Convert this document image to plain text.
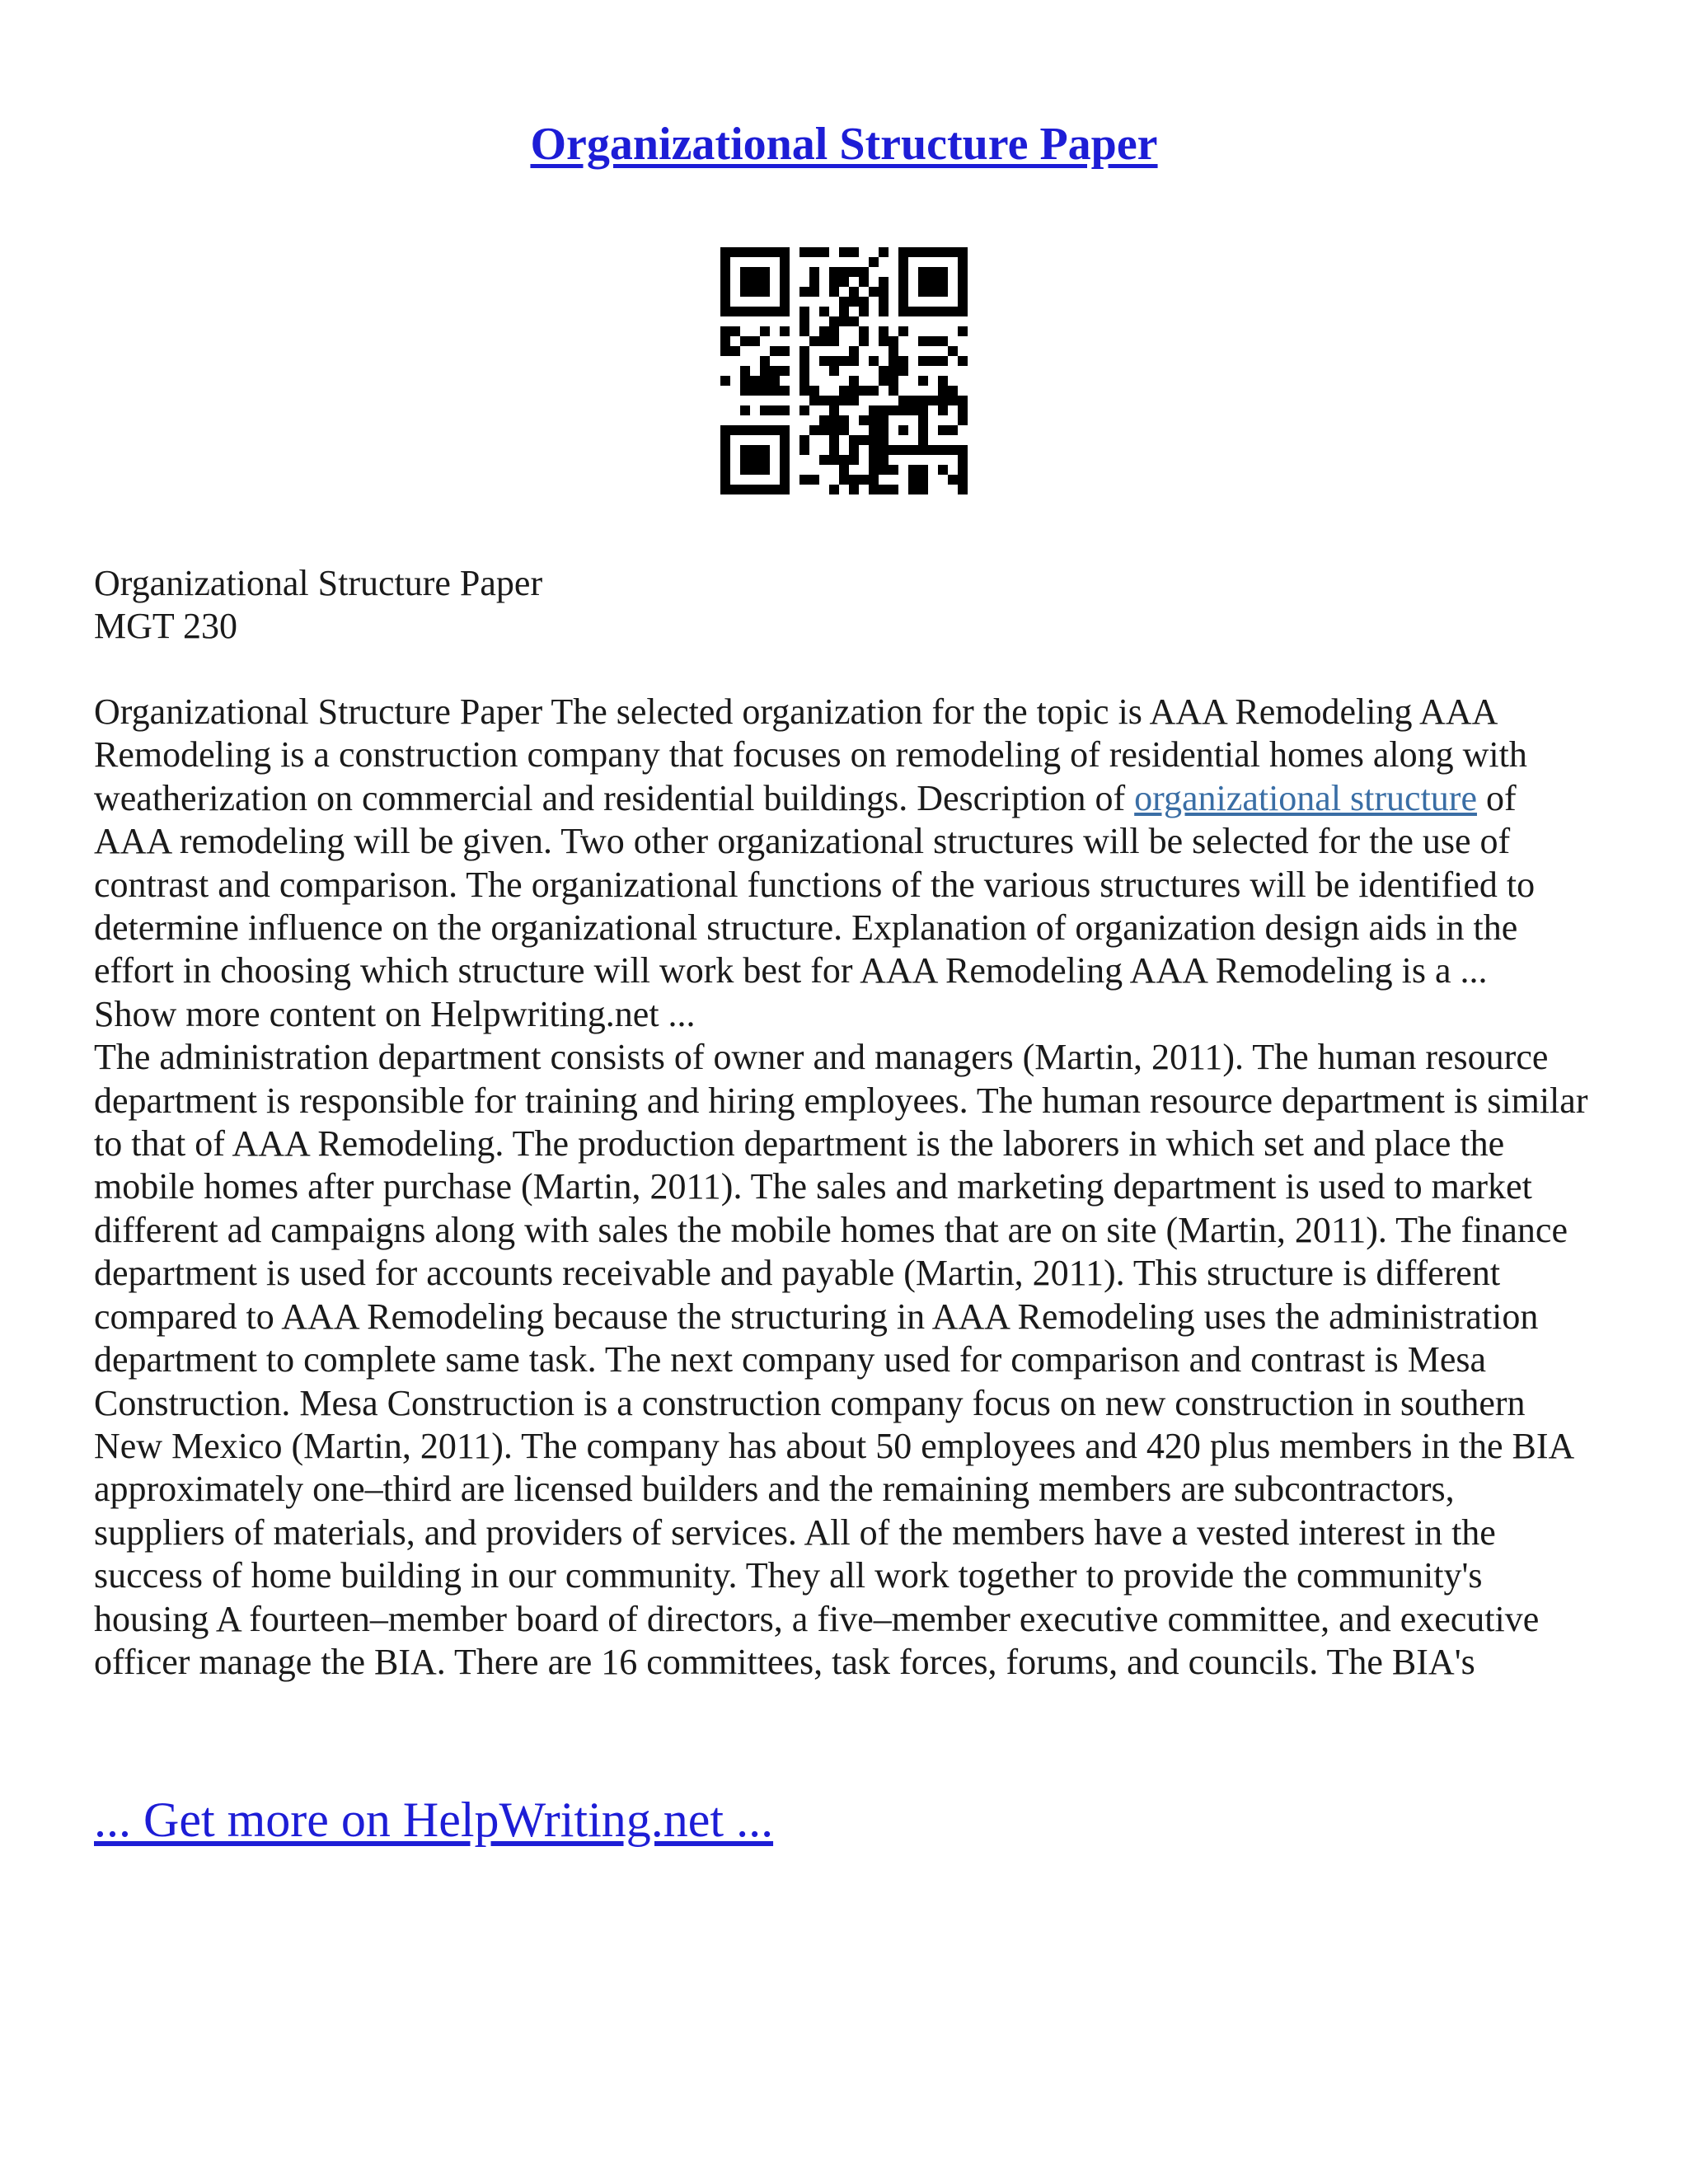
Organizational Structure Paper
Organizational Structure Paper
MGT 230

Organizational Structure Paper The selected organization for the topic is AAA Remodeling AAA Remodeling is a construction company that focuses on remodeling of residential homes along with weatherization on commercial and residential buildings. Description of organizational structure of AAA remodeling will be given. Two other organizational structures will be selected for the use of contrast and comparison. The organizational functions of the various structures will be identified to determine influence on the organizational structure. Explanation of organization design aids in the effort in choosing which structure will work best for AAA Remodeling AAA Remodeling is a ...

Show more content on Helpwriting.net ...

The administration department consists of owner and managers (Martin, 2011). The human resource department is responsible for training and hiring employees. The human resource department is similar to that of AAA Remodeling. The production department is the laborers in which set and place the mobile homes after purchase (Martin, 2011). The sales and marketing department is used to market different ad campaigns along with sales the mobile homes that are on site (Martin, 2011). The finance department is used for accounts receivable and payable (Martin, 2011). This structure is different compared to AAA Remodeling because the structuring in AAA Remodeling uses the administration department to complete same task. The next company used for comparison and contrast is Mesa Construction. Mesa Construction is a construction company focus on new construction in southern New Mexico (Martin, 2011). The company has about 50 employees and 420 plus members in the BIA approximately one–third are licensed builders and the remaining members are subcontractors, suppliers of materials, and providers of services. All of the members have a vested interest in the success of home building in our community. They all work together to provide the community's housing A fourteen–member board of directors, a five–member executive committee, and executive officer manage the BIA. There are 16 committees, task forces, forums, and councils. The BIA's

... Get more on HelpWriting.net ...
